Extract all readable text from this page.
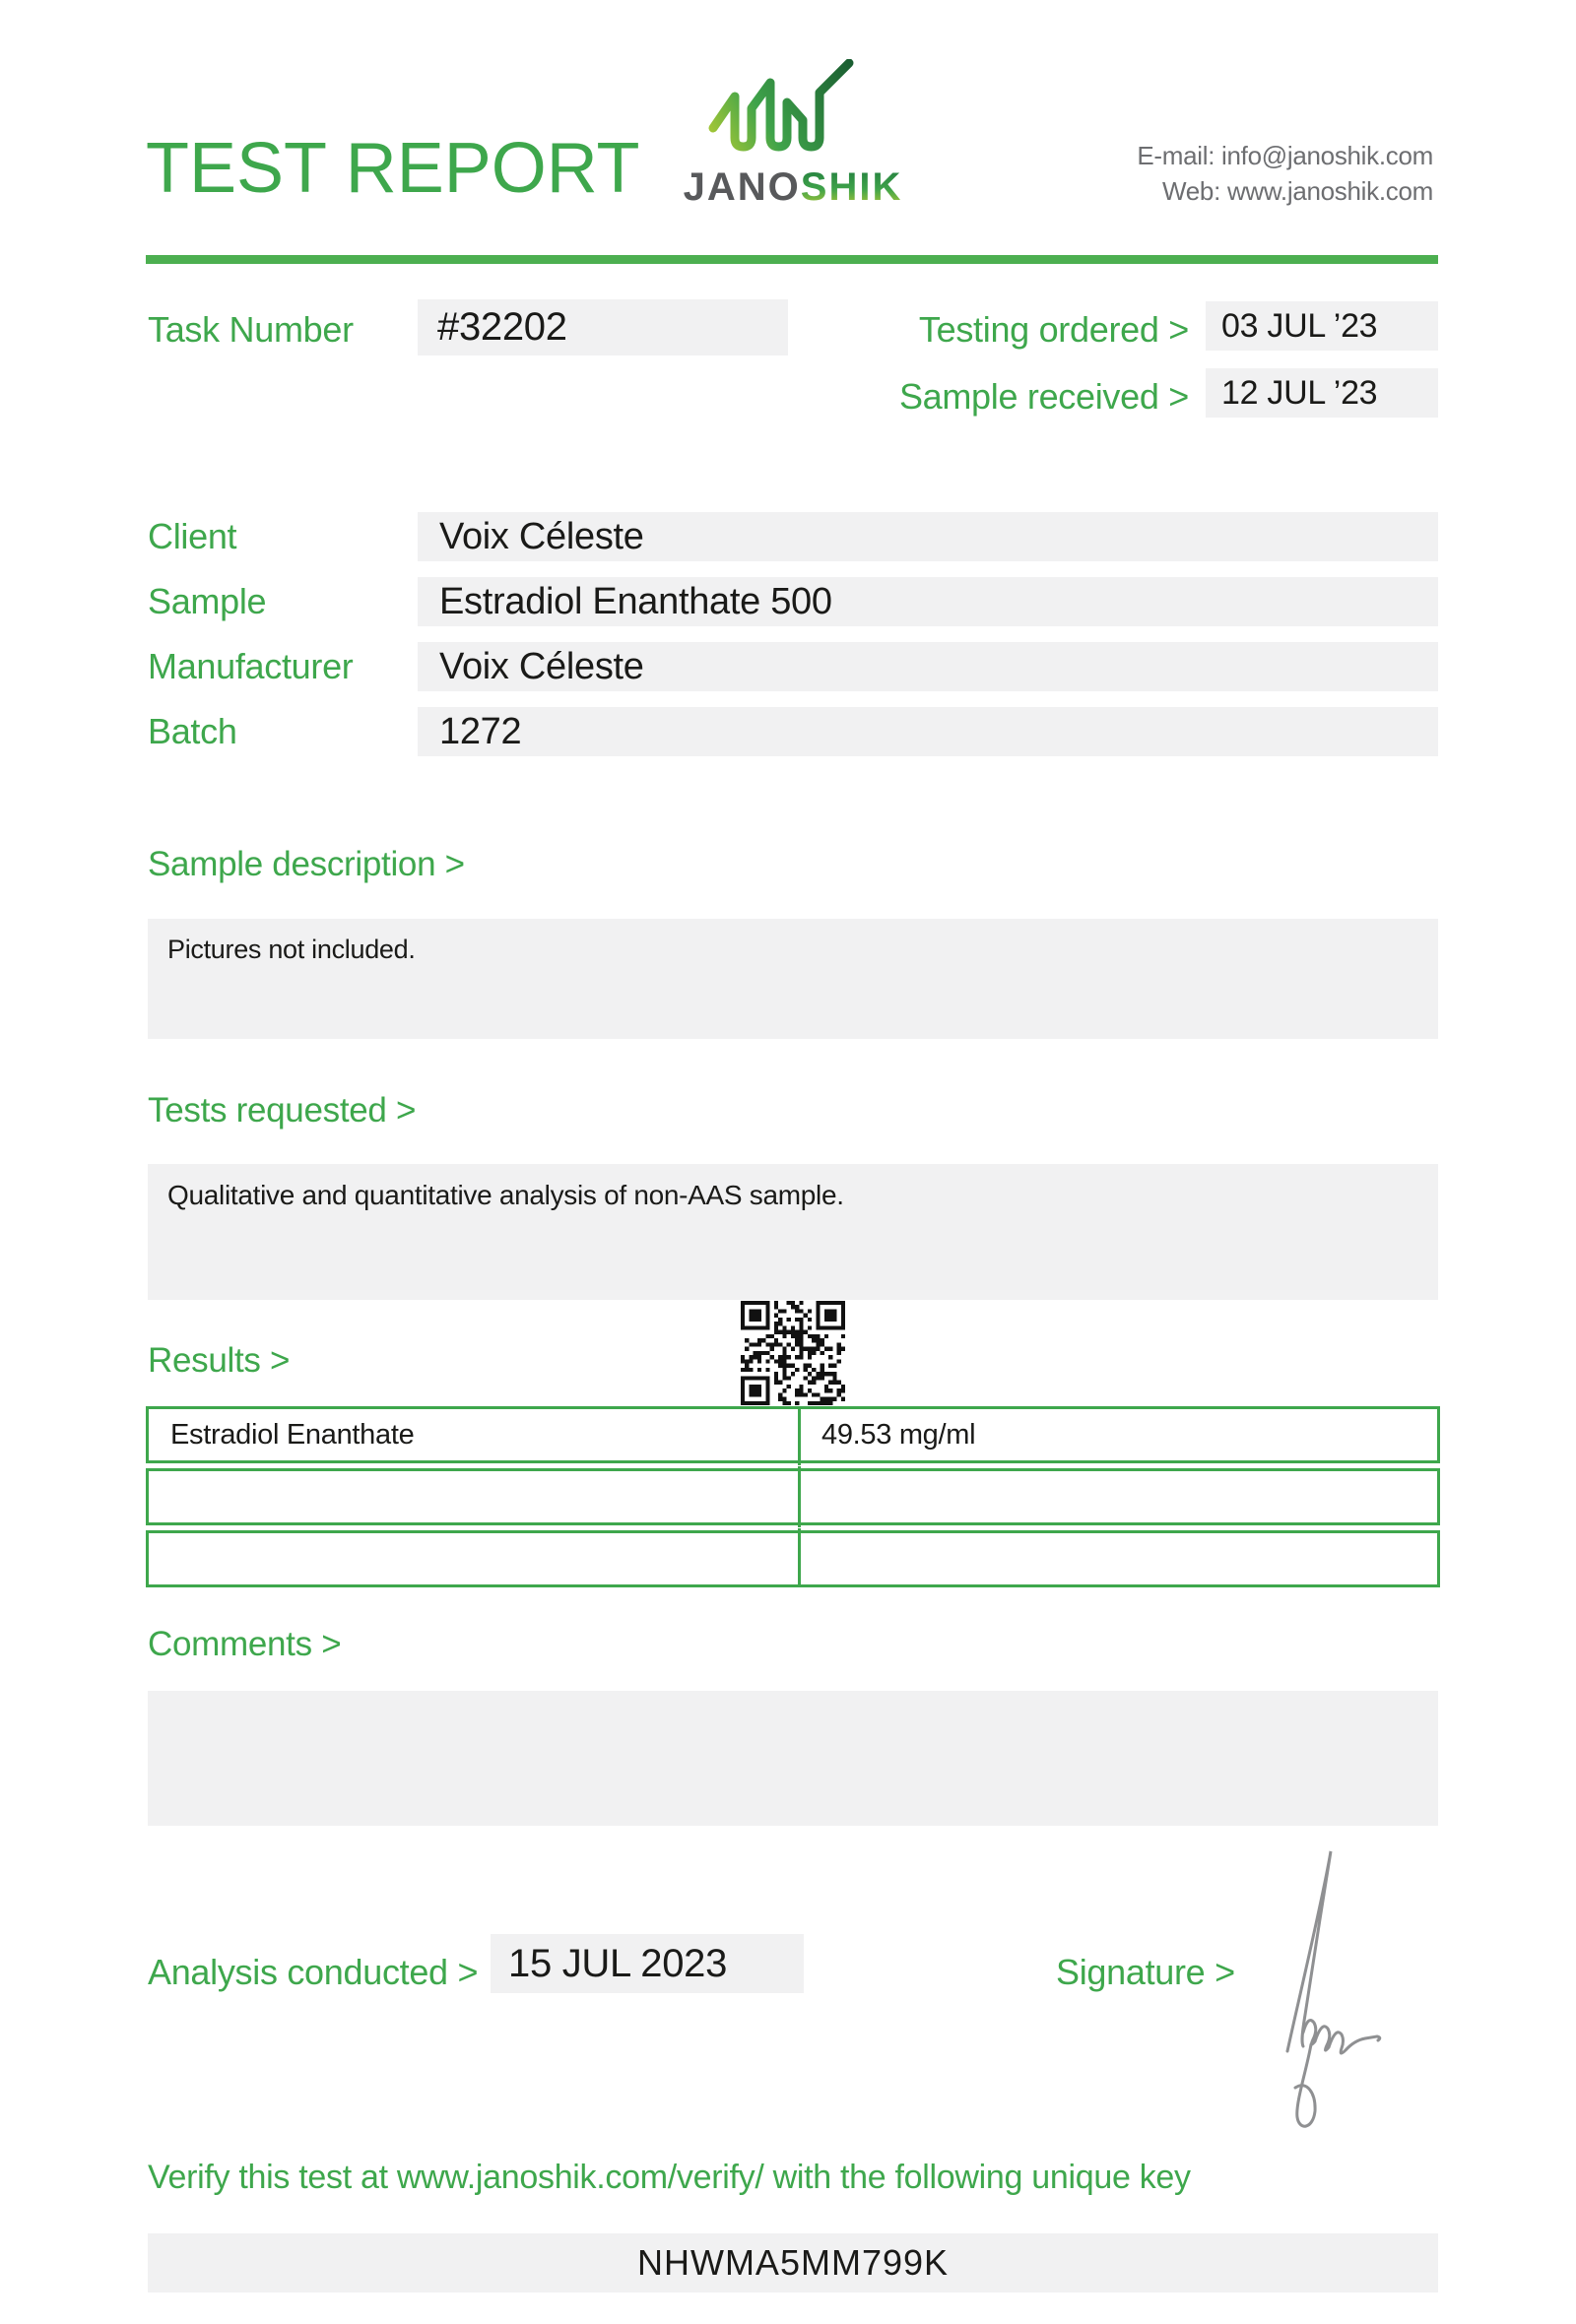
TEST REPORT	JANOSHIK
E-mail: info@janoshik.com
Web: www.janoshik.com
Task Number	#32202	Testing ordered > 03 JUL ’23
Sample received > 12 JUL ’23
Client	Voix Céleste
Sample	Estradiol Enanthate 500
Manufacturer	Voix Céleste
Batch	1272
Sample description >
Pictures not included.
Tests requested >
Qualitative and quantitative analysis of non-AAS sample.
Results >
Estradiol Enanthate	49.53 mg/ml
Comments >
Analysis conducted > 15 JUL 2023	Signature >
Verify this test at www.janoshik.com/verify/ with the following unique key
NHWMA5MM799K
